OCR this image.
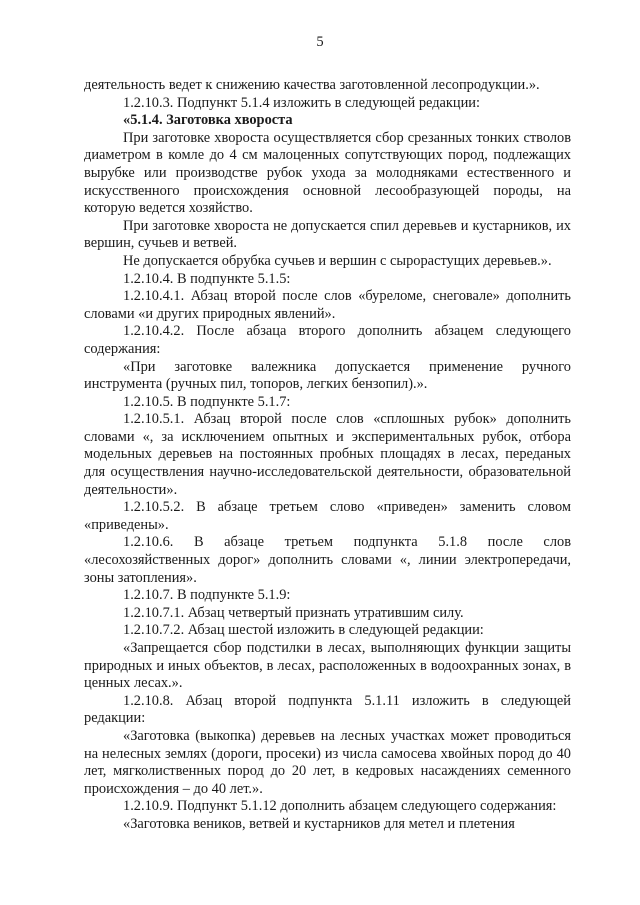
5

деятельность ведет к снижению качества заготовленной лесопродукции.».

1.2.10.3. Подпункт 5.1.4 изложить в следующей редакции:

«5.1.4. Заготовка хвороста

При заготовке хвороста осуществляется сбор срезанных тонких стволов диаметром в комле до 4 см малоценных сопутствующих пород, подлежащих вырубке или производстве рубок ухода за молодняками естественного и искусственного происхождения основной лесообразующей породы, на которую ведется хозяйство.

При заготовке хвороста не допускается спил деревьев и кустарников, их вершин, сучьев и ветвей.

Не допускается обрубка сучьев и вершин с сырорастущих деревьев.».

1.2.10.4. В подпункте 5.1.5:

1.2.10.4.1. Абзац второй после слов «буреломе, снеговале» дополнить словами «и других природных явлений».

1.2.10.4.2. После абзаца второго дополнить абзацем следующего содержания:

«При заготовке валежника допускается применение ручного инструмента (ручных пил, топоров, легких бензопил).».

1.2.10.5. В подпункте 5.1.7:

1.2.10.5.1. Абзац второй после слов «сплошных рубок» дополнить словами «, за исключением опытных и экспериментальных рубок, отбора модельных деревьев на постоянных пробных площадях в лесах, переданых для осуществления научно-исследовательской деятельности, образовательной деятельности».

1.2.10.5.2. В абзаце третьем слово «приведен» заменить словом «приведены».

1.2.10.6. В абзаце третьем подпункта 5.1.8 после слов «лесохозяйственных дорог» дополнить словами «, линии электропередачи, зоны затопления».

1.2.10.7. В подпункте 5.1.9:

1.2.10.7.1. Абзац четвертый признать утратившим силу.

1.2.10.7.2. Абзац шестой изложить в следующей редакции:

«Запрещается сбор подстилки в лесах, выполняющих функции защиты природных и иных объектов, в лесах, расположенных в водоохранных зонах, в ценных лесах.».

1.2.10.8. Абзац второй подпункта 5.1.11 изложить в следующей редакции:

«Заготовка (выкопка) деревьев на лесных участках может проводиться на нелесных землях (дороги, просеки) из числа самосева хвойных пород до 40 лет, мягколиственных пород до 20 лет, в кедровых насаждениях семенного происхождения – до 40 лет.».

1.2.10.9. Подпункт 5.1.12 дополнить абзацем следующего содержания:

«Заготовка веников, ветвей и кустарников для метел и плетения
